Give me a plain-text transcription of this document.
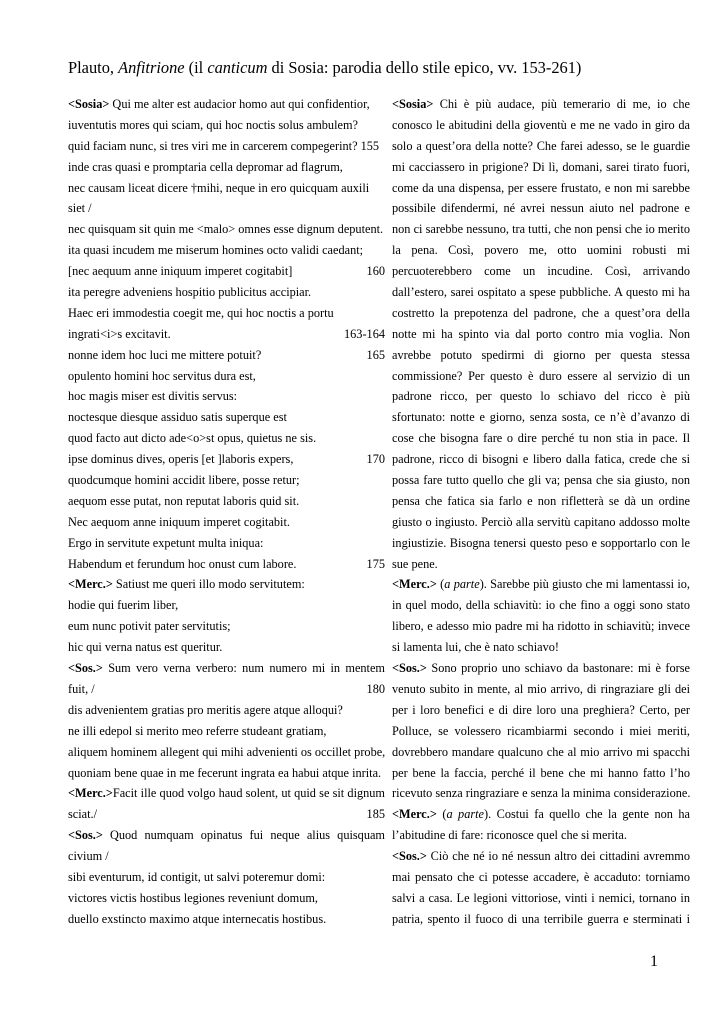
Plauto, Anfitrione (il canticum di Sosia: parodia dello stile epico, vv. 153-261)
<Sosia> Qui me alter est audacior homo aut qui confidentior,
iuventutis mores qui sciam, qui hoc noctis solus ambulem?
quid faciam nunc, si tres viri me in carcerem compegerint? 155
inde cras quasi e promptaria cella depromar ad flagrum,
nec causam liceat dicere †mihi, neque in ero quicquam auxili
siet /
nec quisquam sit quin me <malo> omnes esse dignum deputent.
ita quasi incudem me miserum homines octo validi caedant;
[nec aequum anne iniquum imperet cogitabit]	160
ita peregre adveniens hospitio publicitus accipiar.
Haec eri immodestia coegit me, qui hoc noctis a portu
ingrati<i>s excitavit.	163-164
nonne idem hoc luci me mittere potuit?	165
opulento homini hoc servitus dura est,
hoc magis miser est divitis servus:
noctesque diesque assiduo satis superque est
quod facto aut dicto ade<o>st opus, quietus ne sis.
ipse dominus dives, operis [et ]laboris expers,	170
quodcumque homini accidit libere, posse retur;
aequom esse putat, non reputat laboris quid sit.
Nec aequom anne iniquum imperet cogitabit.
Ergo in servitute expetunt multa iniqua:
Habendum et ferundum hoc onust cum labore.	175
<Merc.> Satiust me queri illo modo servitutem:
hodie qui fuerim liber,
eum nunc potivit pater servitutis;
hic qui verna natus est queritur.
<Sos.> Sum vero verna verbero: num numero mi in mentem
fuit, /	180
dis advenientem gratias pro meritis agere atque alloqui?
ne illi edepol si merito meo referre studeant gratiam,
aliquem hominem allegent qui mihi advenienti os occillet probe,
quoniam bene quae in me fecerunt ingrata ea habui atque inrita.
<Merc.>Facit ille quod volgo haud solent, ut quid se sit dignum
sciat./	185
<Sos.> Quod numquam opinatus fui neque alius quisquam
civium /
sibi eventurum, id contigit, ut salvi poteremur domi:
victores victis hostibus legiones reveniunt domum,
duello exstincto maximo atque internecatis hostibus.
<Sosia> Chi è più audace, più temerario di me, io che
conosco le abitudini della gioventù e me ne vado in giro da
solo a quest’ora della notte? Che farei adesso, se le guardie
mi cacciassero in prigione? Di lì, domani, sarei tirato fuori,
come da una dispensa, per essere frustato, e non mi sarebbe
possibile difendermi, né avrei nessun aiuto nel padrone e
non ci sarebbe nessuno, tra tutti, che non pensi che io merito
la pena. Così, povero me, otto uomini robusti mi
percuoterebbero come un incudine. Così, arrivando
dall’estero, sarei ospitato a spese pubbliche. A questo mi ha
costretto la prepotenza del padrone, che a quest’ora della
notte mi ha spinto via dal porto contro mia voglia. Non
avrebbe potuto spedirmi di giorno per questa stessa
commissione? Per questo è duro essere al servizio di un
padrone ricco, per questo lo schiavo del ricco è più
sfortunato: notte e giorno, senza sosta, ce n’è d’avanzo di
cose che bisogna fare o dire perché tu non stia in pace. Il
padrone, ricco di bisogni e libero dalla fatica, crede che si
possa fare tutto quello che gli va; pensa che sia giusto, non
pensa che fatica sia farlo e non rifletterà se dà un ordine
giusto o ingiusto. Perciò alla servitù capitano addosso molte
ingiustizie. Bisogna tenersi questo peso e sopportarlo con le
sue pene.
<Merc.> (a parte). Sarebbe più giusto che mi lamentassi io,
in quel modo, della schiavitù: io che fino a oggi sono stato
libero, e adesso mio padre mi ha ridotto in schiavitù; invece
si lamenta lui, che è nato schiavo!
<Sos.> Sono proprio uno schiavo da bastonare: mi è forse
venuto subito in mente, al mio arrivo, di ringraziare gli dei
per i loro benefici e di dire loro una preghiera? Certo, per
Polluce, se volessero ricambiarmi secondo i miei meriti,
dovrebbero mandare qualcuno che al mio arrivo mi spacchi
per bene la faccia, perché il bene che mi hanno fatto l’ho
ricevuto senza ringraziare e senza la minima considerazione.
<Merc.> (a parte). Costui fa quello che la gente non ha
l’abitudine di fare: riconosce quel che si merita.
<Sos.> Ciò che né io né nessun altro dei cittadini avremmo
mai pensato che ci potesse accadere, è accaduto: torniamo
salvi a casa. Le legioni vittoriose, vinti i nemici, tornano in
patria, spento il fuoco di una terribile guerra e sterminati i
1
